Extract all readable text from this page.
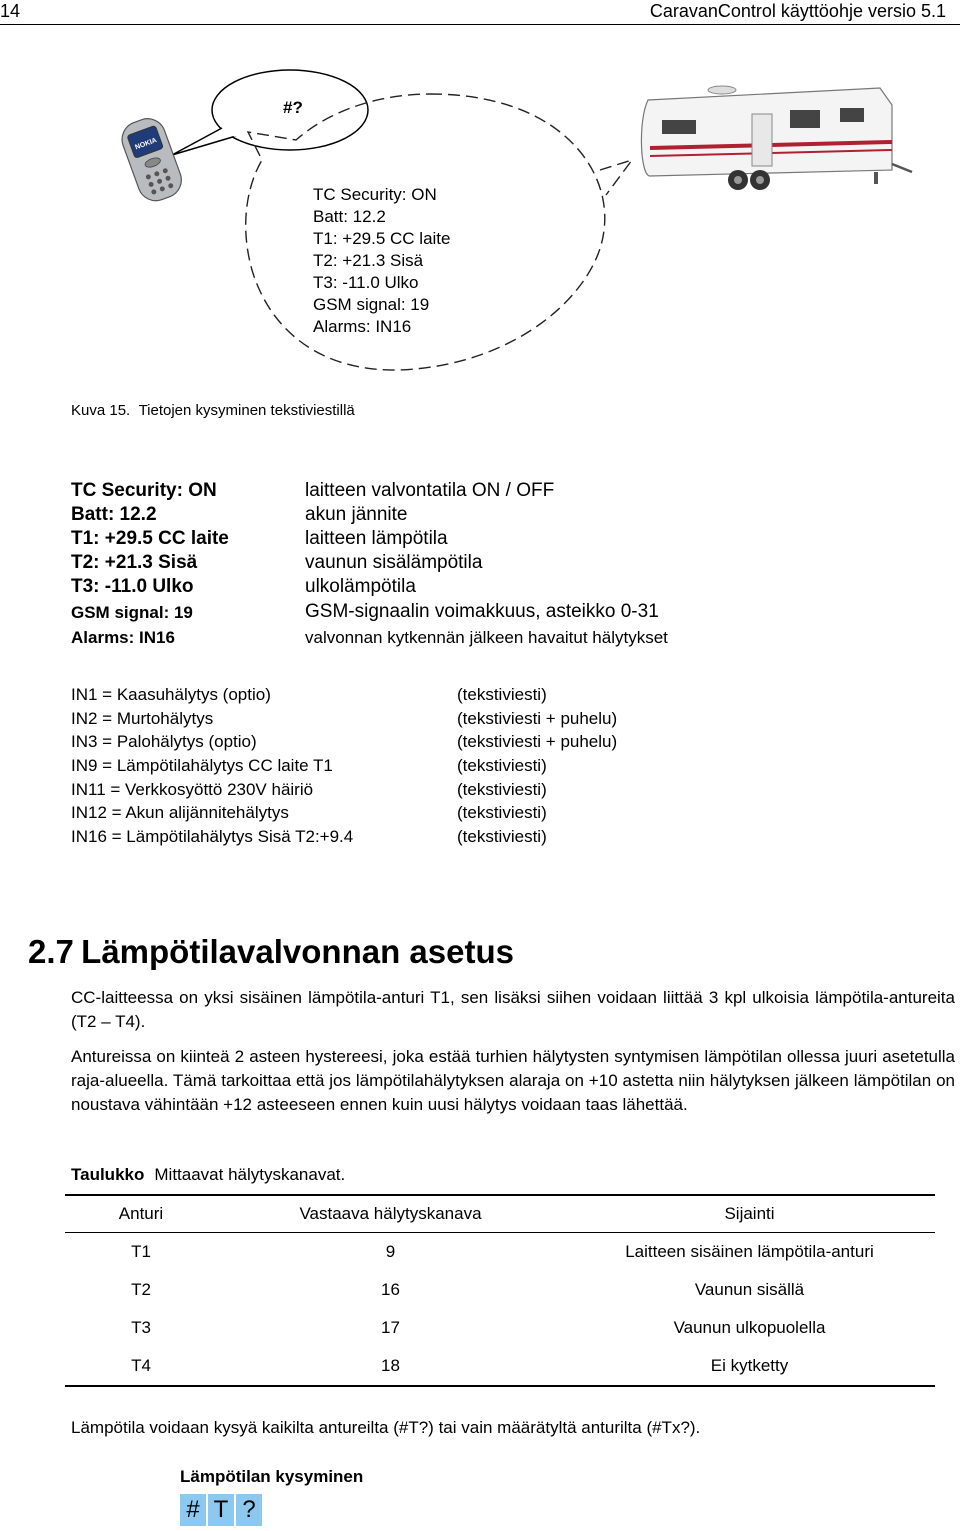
14	CaravanControl käyttöohje versio 5.1
NOKIA
#?
TC Security: ON
Batt: 12.2
T1: +29.5 CC laite
T2: +21.3 Sisä
T3: -11.0 Ulko
GSM signal: 19
Alarms: IN16
Kuva 15. Tietojen kysyminen tekstiviestillä
TC Security: ON	laitteen valvontatila ON / OFF
Batt: 12.2	akun jännite
T1: +29.5 CC laite	laitteen lämpötila
T2: +21.3 Sisä	vaunun sisälämpötila
T3: -11.0 Ulko	ulkolämpötila
GSM signal: 19	GSM-signaalin voimakkuus, asteikko 0-31
Alarms: IN16	valvonnan kytkennän jälkeen havaitut hälytykset
IN1 = Kaasuhälytys (optio)	(tekstiviesti)
IN2 = Murtohälytys	(tekstiviesti + puhelu)
IN3 = Palohälytys (optio)	(tekstiviesti + puhelu)
IN9 = Lämpötilahälytys CC laite T1	(tekstiviesti)
IN11 = Verkkosyöttö 230V häiriö	(tekstiviesti)
IN12 = Akun alijännitehälytys	(tekstiviesti)
IN16 = Lämpötilahälytys Sisä T2:+9.4	(tekstiviesti)
2.7 Lämpötilavalvonnan asetus
CC-laitteessa on yksi sisäinen lämpötila-anturi T1, sen lisäksi siihen voidaan liittää 3 kpl ulkoisia lämpötila-antureita (T2 – T4).
Antureissa on kiinteä 2 asteen hystereesi, joka estää turhien hälytysten syntymisen lämpötilan ollessa juuri asetetulla raja-alueella. Tämä tarkoittaa että jos lämpötilahälytyksen alaraja on +10 astetta niin hälytyksen jälkeen lämpötilan on noustava vähintään +12 asteeseen ennen kuin uusi hälytys voidaan taas lähettää.
Taulukko Mittaavat hälytyskanavat.
Anturi	Vastaava hälytyskanava	Sijainti
T1	9	Laitteen sisäinen lämpötila-anturi
T2	16	Vaunun sisällä
T3	17	Vaunun ulkopuolella
T4	18	Ei kytketty
Lämpötila voidaan kysyä kaikilta antureilta (#T?) tai vain määrätyltä anturilta (#Tx?).
Lämpötilan kysyminen
# T ?
